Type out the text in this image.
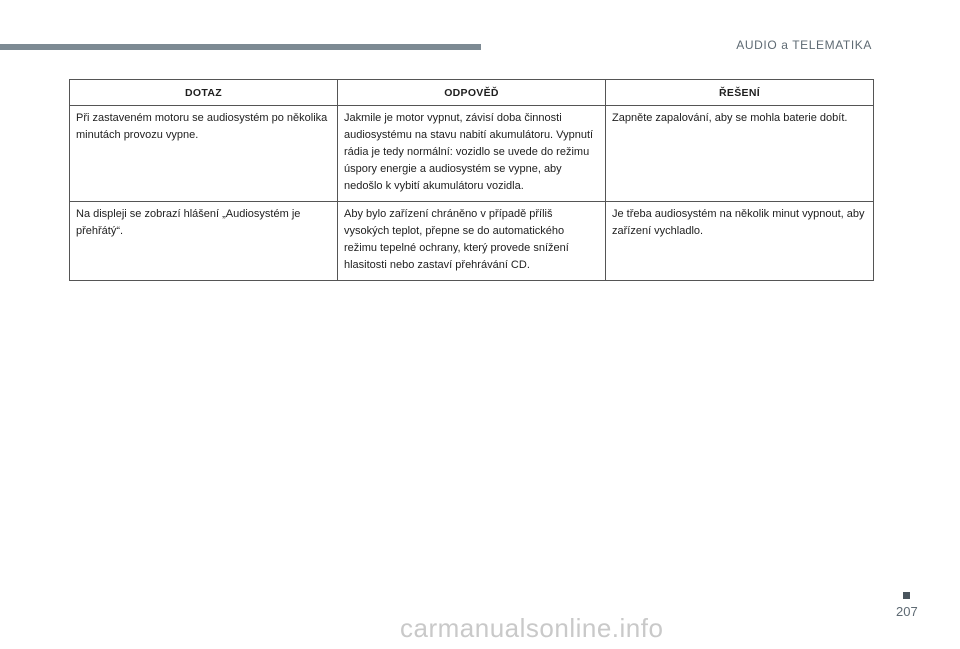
AUDIO a TELEMATIKA
DOTAZ	ODPOVĚĎ	ŘEŠENÍ
Při zastaveném motoru se audiosystém po několika minutách provozu vypne.	Jakmile je motor vypnut, závisí doba činnosti audiosystému na stavu nabití akumulátoru. Vypnutí rádia je tedy normální: vozidlo se uvede do režimu úspory energie a audiosystém se vypne, aby nedošlo k vybití akumulátoru vozidla.	Zapněte zapalování, aby se mohla baterie dobít.
Na displeji se zobrazí hlášení „Audiosystém je přehřátý“.	Aby bylo zařízení chráněno v případě příliš vysokých teplot, přepne se do automatického režimu tepelné ochrany, který provede snížení hlasitosti nebo zastaví přehrávání CD.	Je třeba audiosystém na několik minut vypnout, aby zařízení vychladlo.
207
carmanualsonline.info
